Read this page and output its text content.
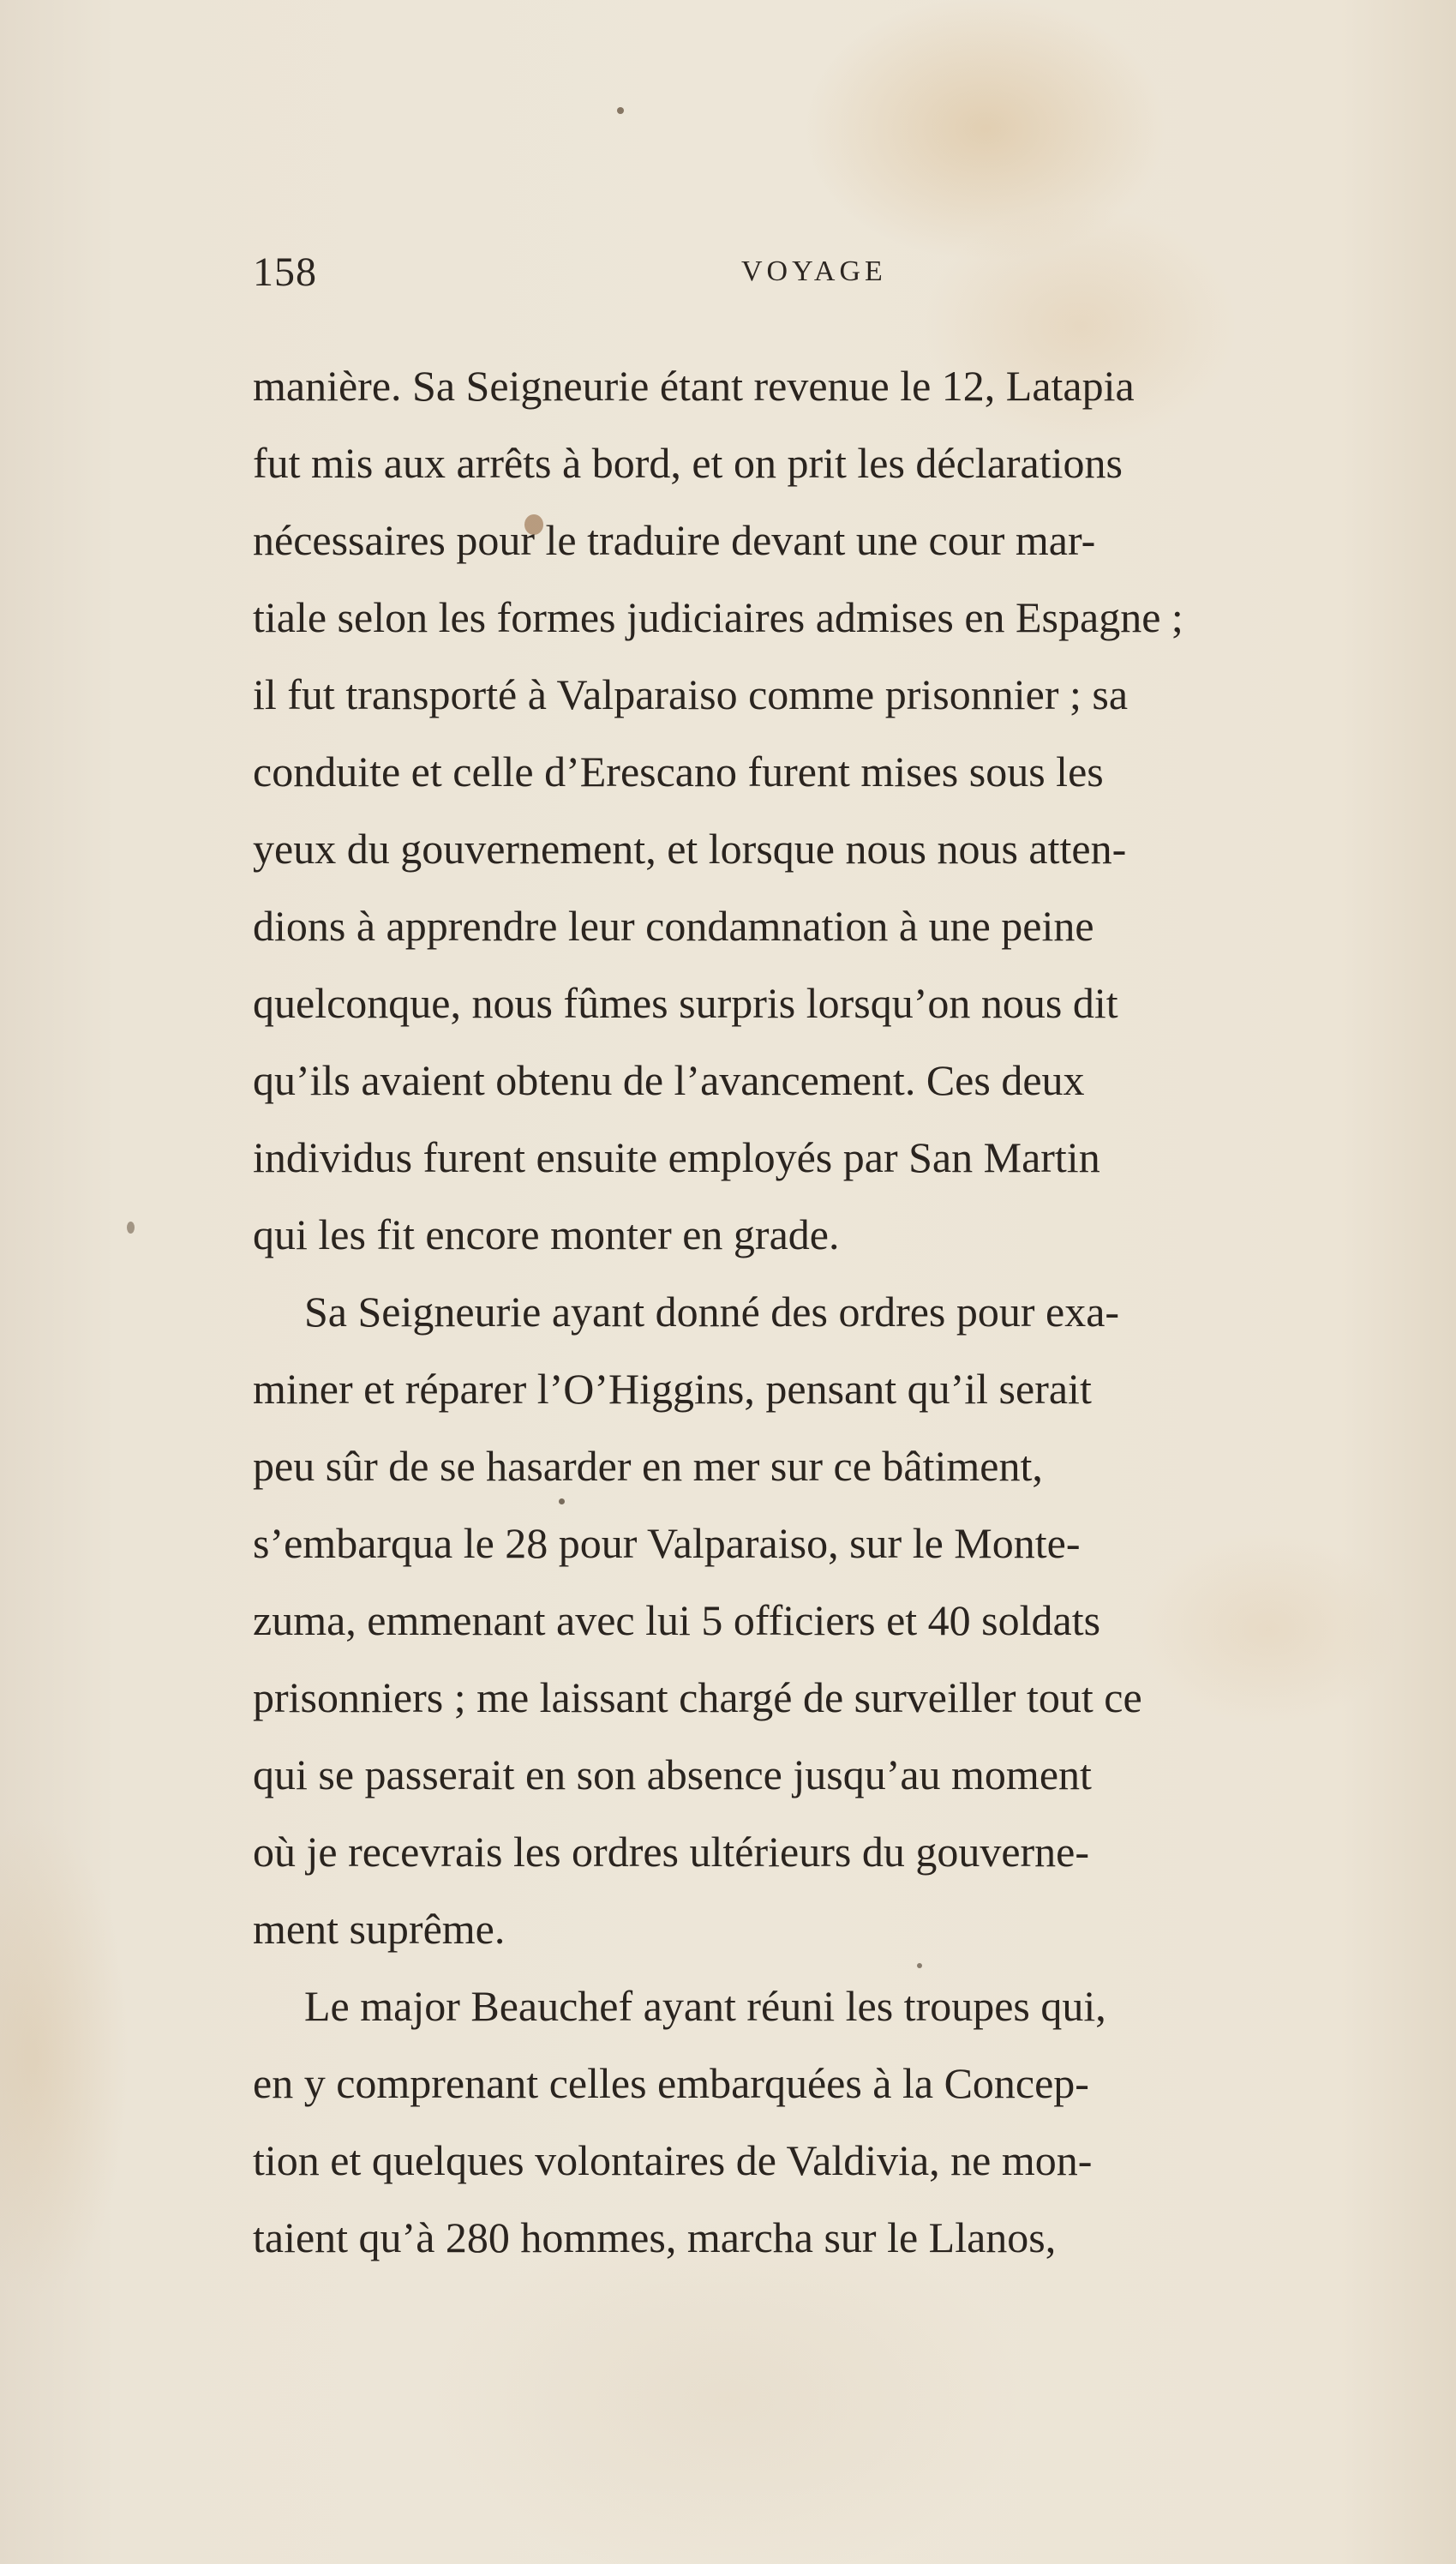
158	VOYAGE
manière. Sa Seigneurie étant revenue le 12, Latapia
fut mis aux arrêts à bord, et on prit les déclarations
nécessaires pour le traduire devant une cour mar-
tiale selon les formes judiciaires admises en Espagne ;
il fut transporté à Valparaiso comme prisonnier ; sa
conduite et celle d’Erescano furent mises sous les
yeux du gouvernement, et lorsque nous nous atten-
dions à apprendre leur condamnation à une peine
quelconque, nous fûmes surpris lorsqu’on nous dit
qu’ils avaient obtenu de l’avancement. Ces deux
individus furent ensuite employés par San Martin
qui les fit encore monter en grade.
Sa Seigneurie ayant donné des ordres pour exa-
miner et réparer l’O’Higgins, pensant qu’il serait
peu sûr de se hasarder en mer sur ce bâtiment,
s’embarqua le 28 pour Valparaiso, sur le Monte-
zuma, emmenant avec lui 5 officiers et 40 soldats
prisonniers ; me laissant chargé de surveiller tout ce
qui se passerait en son absence jusqu’au moment
où je recevrais les ordres ultérieurs du gouverne-
ment suprême.
Le major Beauchef ayant réuni les troupes qui,
en y comprenant celles embarquées à la Concep-
tion et quelques volontaires de Valdivia, ne mon-
taient qu’à 280 hommes, marcha sur le Llanos,
